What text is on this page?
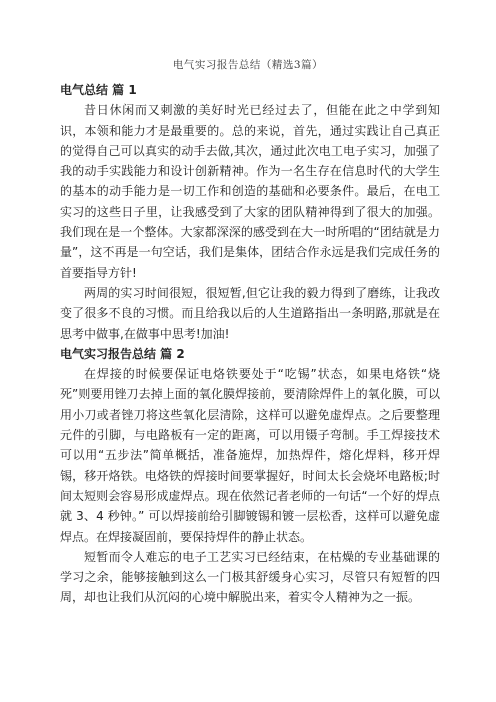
电气实习报告总结（精选3篇）

电气总结 篇 1

昔日休闲而又刺激的美好时光已经过去了，但能在此之中学到知识，本领和能力才是最重要的。总的来说，首先，通过实践让自己真正的觉得自己可以真实的动手去做,其次，通过此次电工电子实习，加强了我的动手实践能力和设计创新精神。作为一名生存在信息时代的大学生的基本的动手能力是一切工作和创造的基础和必要条件。最后，在电工实习的这些日子里，让我感受到了大家的团队精神得到了很大的加强。我们现在是一个整体。大家都深深的感受到在大一时所唱的“团结就是力量”，这不再是一句空话，我们是集体，团结合作永远是我们完成任务的首要指导方针!

两周的实习时间很短，很短暂,但它让我的毅力得到了磨练，让我改变了很多不良的习惯。而且给我以后的人生道路指出一条明路,那就是在思考中做事,在做事中思考!加油!

电气实习报告总结 篇 2

在焊接的时候要保证电烙铁要处于“吃锡”状态，如果电烙铁“烧死”则要用锉刀去掉上面的氧化膜焊接前，要清除焊件上的氧化膜，可以用小刀或者锉刀将这些氧化层清除，这样可以避免虚焊点。之后要整理元件的引脚，与电路板有一定的距离，可以用镊子弯制。手工焊接技术可以用“五步法”简单概括，准备施焊，加热焊件，熔化焊料，移开焊锡，移开烙铁。电烙铁的焊接时间要掌握好，时间太长会烧坏电路板;时间太短则会容易形成虚焊点。现在依然记者老师的一句话“一个好的焊点就 3、4 秒钟。” 可以焊接前给引脚镀锡和镀一层松香，这样可以避免虚焊点。在焊接凝固前，要保持焊件的静止状态。

短暂而令人难忘的电子工艺实习已经结束，在枯燥的专业基础课的学习之余，能够接触到这么一门极其舒缓身心实习，尽管只有短暂的四周，却也让我们从沉闷的心境中解脱出来，着实令人精神为之一振。
